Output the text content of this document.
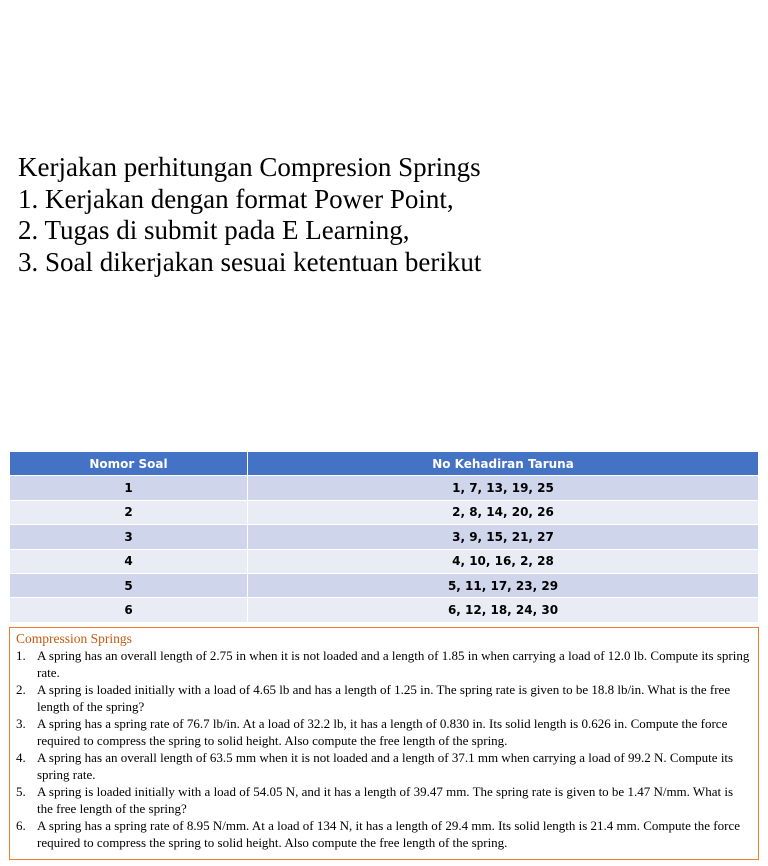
Kerjakan perhitungan Compresion Springs
1. Kerjakan dengan format Power Point,
2. Tugas di submit pada E Learning,
3. Soal dikerjakan sesuai ketentuan berikut
Nomor Soal	No Kehadiran Taruna
1	1, 7, 13, 19, 25
2	2, 8, 14, 20, 26
3	3, 9, 15, 21, 27
4	4, 10, 16, 2, 28
5	5, 11, 17, 23, 29
6	6, 12, 18, 24, 30
Compression Springs
1. A spring has an overall length of 2.75 in when it is not loaded and a length of 1.85 in when carrying a load of 12.0 lb. Compute its spring rate.
2. A spring is loaded initially with a load of 4.65 lb and has a length of 1.25 in. The spring rate is given to be 18.8 lb/in. What is the free length of the spring?
3. A spring has a spring rate of 76.7 lb/in. At a load of 32.2 lb, it has a length of 0.830 in. Its solid length is 0.626 in. Compute the force required to compress the spring to solid height. Also compute the free length of the spring.
4. A spring has an overall length of 63.5 mm when it is not loaded and a length of 37.1 mm when carrying a load of 99.2 N. Compute its spring rate.
5. A spring is loaded initially with a load of 54.05 N, and it has a length of 39.47 mm. The spring rate is given to be 1.47 N/mm. What is the free length of the spring?
6. A spring has a spring rate of 8.95 N/mm. At a load of 134 N, it has a length of 29.4 mm. Its solid length is 21.4 mm. Compute the force required to compress the spring to solid height. Also compute the free length of the spring.
